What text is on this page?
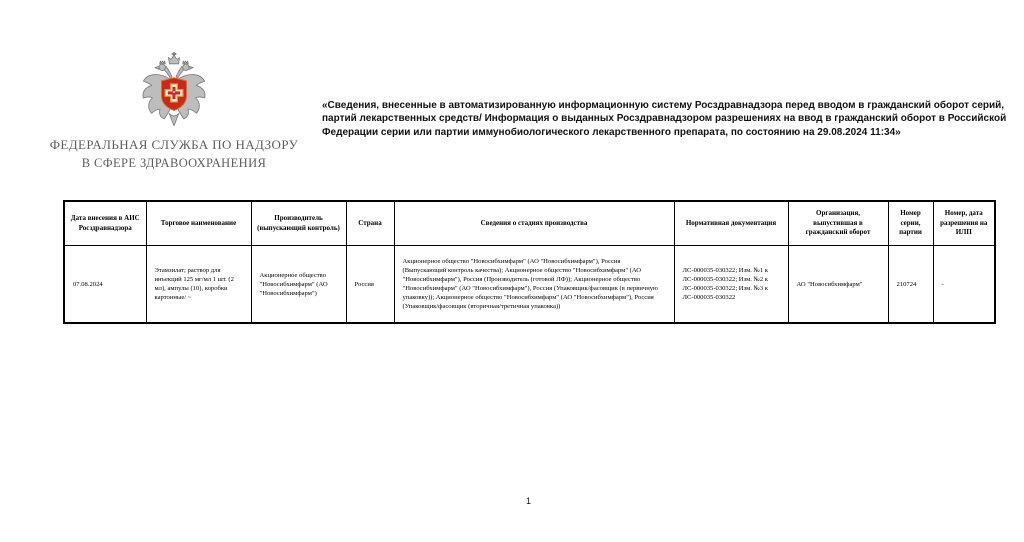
ФЕДЕРАЛЬНАЯ СЛУЖБА ПО НАДЗОРУ
В СФЕРЕ ЗДРАВООХРАНЕНИЯ
«Сведения, внесенные в автоматизированную информационную систему Росздравнадзора перед вводом в гражданский оборот серий, партий лекарственных средств/ Информация о выданных Росздравнадзором разрешениях на ввод в гражданский оборот в Российской Федерации серии или партии иммунобиологического лекарственного препарата, по состоянию на 29.08.2024 11:34»
Дата внесения в АИС Росздравнадзора	Торговое наименование	Производитель (выпускающий контроль)	Страна	Сведения о стадиях производства	Нормативная документация	Организация, выпустившая в гражданский оборот	Номер серии, партии	Номер, дата разрешения на ИЛП
07.08.2024	Этамзилат; раствор для инъекций 125 мг/мл 1 шт. (2 мл), ампулы (10), коробки картонные/ ~	Акционерное общество "Новосибхимфарм" (АО "Новосибхимфарм")	Россия	Акционерное общество "Новосибхимфарм" (АО "Новосибхимфарм"), Россия (Выпускающий контроль качества); Акционерное общество "Новосибхимфарм" (АО "Новосибхимфарм"), Россия (Производитель (готовой ЛФ)); Акционерное общество "Новосибхимфарм" (АО "Новосибхимфарм"), Россия (Упаковщик/фасовщик (в первичную упаковку)); Акционерное общество "Новосибхимфарм" (АО "Новосибхимфарм"), Россия (Упаковщик/фасовщик (вторичная/третичная упаковка))	ЛС-000035-030322; Изм. №1 к ЛС-000035-030322; Изм. №2 к ЛС-000035-030322; Изм. №3 к ЛС-000035-030322	АО "Новосибхимфарм"	210724	-
1
